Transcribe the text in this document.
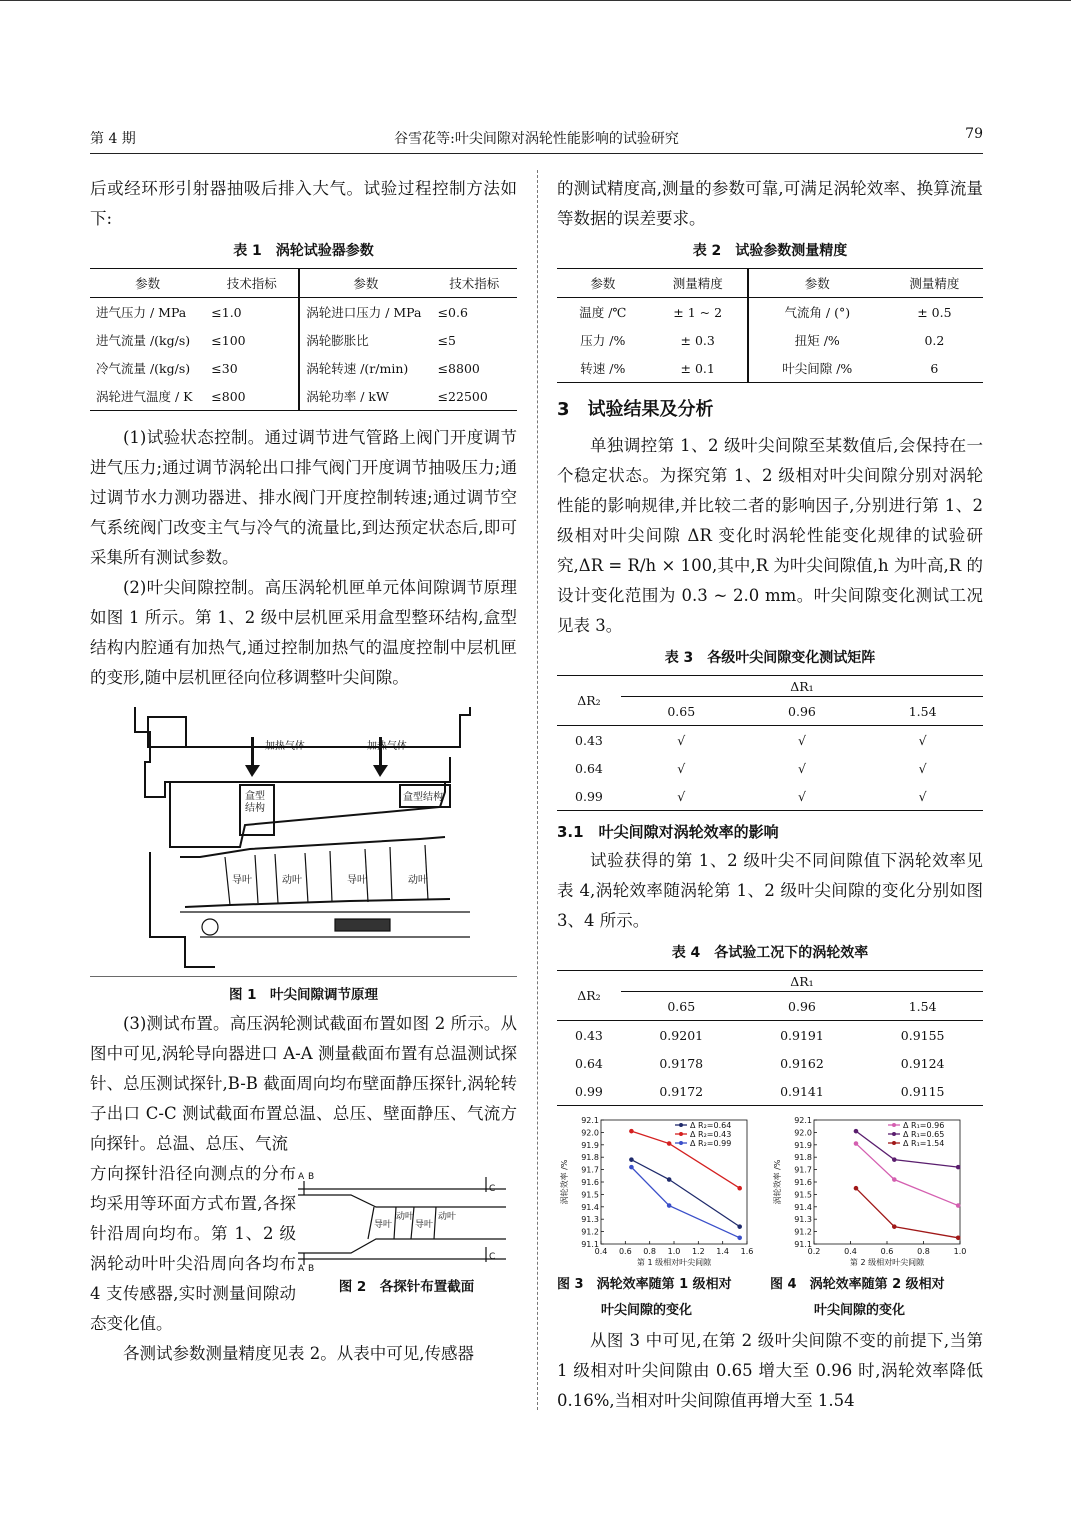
第 4 期	谷雪花等:叶尖间隙对涡轮性能影响的试验研究	79

后或经环形引射器抽吸后排入大气。试验过程控制方法如下:

表 1　涡轮试验器参数
参数	技术指标	参数	技术指标
进气压力 / MPa	≤1.0	涡轮进口压力 / MPa	≤0.6
进气流量 /(kg/s)	≤100	涡轮膨胀比	≤5
冷气流量 /(kg/s)	≤30	涡轮转速 /(r/min)	≤8800
涡轮进气温度 / K	≤800	涡轮功率 / kW	≤22500

(1)试验状态控制。通过调节进气管路上阀门开度调节进气压力;通过调节涡轮出口排气阀门开度调节抽吸压力;通过调节水力测功器进、排水阀门开度控制转速;通过调节空气系统阀门改变主气与冷气的流量比,到达预定状态后,即可采集所有测试参数。

(2)叶尖间隙控制。高压涡轮机匣单元体间隙调节原理如图 1 所示。第 1、2 级中层机匣采用盒型整环结构,盒型结构内腔通有加热气,通过控制加热气的温度控制中层机匣的变形,随中层机匣径向位移调整叶尖间隙。

加热气体	加热气体
盒型
结构
盒型结构
导叶	动叶	导叶	动叶
图 1　叶尖间隙调节原理

(3)测试布置。高压涡轮测试截面布置如图 2 所示。从图中可见,涡轮导向器进口 A-A 测量截面布置有总温测试探针、总压测试探针,B-B 截面周向均布壁面静压探针,涡轮转子出口 C-C 测试截面布置总温、总压、壁面静压、气流方向探针。总温、总压、气流

方向探针沿径向测点的分布均采用等环面方式布置,各探针沿周向均布。第 1、2 级涡轮动叶叶尖沿周向各均布 4 支传感器,实时测量间隙动态变化值。

A B
A B
C
C
导叶
动叶
导叶
动叶
图 2　各探针布置截面

各测试参数测量精度见表 2。从表中可见,传感器

的测试精度高,测量的参数可靠,可满足涡轮效率、换算流量等数据的误差要求。

表 2　试验参数测量精度
参数	测量精度	参数	测量精度
温度 /℃	± 1 ~ 2	气流角 / (°)	± 0.5
压力 /%	± 0.3	扭矩 /%	0.2
转速 /%	± 0.1	叶尖间隙 /%	6
3　试验结果及分析

单独调控第 1、2 级叶尖间隙至某数值后,会保持在一个稳定状态。为探究第 1、2 级相对叶尖间隙分别对涡轮性能的影响规律,并比较二者的影响因子,分别进行第 1、2 级相对叶尖间隙 ΔR 变化时涡轮性能变化规律的试验研究,ΔR = R/h × 100,其中,R 为叶尖间隙值,h 为叶高,R 的设计变化范围为 0.3 ~ 2.0 mm。叶尖间隙变化测试工况见表 3。

表 3　各级叶尖间隙变化测试矩阵
ΔR₂	ΔR₁		
	0.65	0.96	1.54
0.43	√	√	√
0.64	√	√	√
0.99	√	√	√
3.1　叶尖间隙对涡轮效率的影响

试验获得的第 1、2 级叶尖不同间隙值下涡轮效率见表 4,涡轮效率随涡轮第 1、2 级叶尖间隙的变化分别如图 3、4 所示。

表 4　各试验工况下的涡轮效率
ΔR₂	ΔR₁		
	0.65	0.96	1.54
0.43	0.9201	0.9191	0.9155
0.64	0.9178	0.9162	0.9124
0.99	0.9172	0.9141	0.9115
91.1
91.2
91.3
91.4
91.5
91.6
91.7
91.8
91.9
92.0
92.1
0.4 0.6 0.8 1.0 1.2 1.4 1.6
第 1 级相对叶尖间隙
涡轮效率 /%
Δ R₂=0.64
Δ R₂=0.43
Δ R₂=0.99
91.1
91.2
91.3
91.4
91.5
91.6
91.7
91.8
91.9
92.0
92.1
0.2	0.4	0.6	0.8	1.0
第 2 级相对叶尖间隙
涡轮效率 /%
Δ R₁=0.96
Δ R₁=0.65
Δ R₁=1.54
图 3　涡轮效率随第 1 级相对
叶尖间隙的变化
图 4　涡轮效率随第 2 级相对
叶尖间隙的变化

从图 3 中可见,在第 2 级叶尖间隙不变的前提下,当第 1 级相对叶尖间隙由 0.65 增大至 0.96 时,涡轮效率降低 0.16%,当相对叶尖间隙值再增大至 1.54
